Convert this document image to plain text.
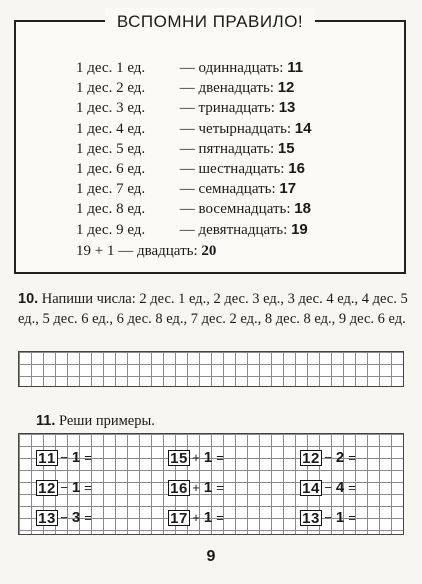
ВСПОМНИ ПРАВИЛО!
1 дес. 1 ед. — одиннадцать: 11
1 дес. 2 ед. — двенадцать: 12
1 дес. 3 ед. — тринадцать: 13
1 дес. 4 ед. — четырнадцать: 14
1 дес. 5 ед. — пятнадцать: 15
1 дес. 6 ед. — шестнадцать: 16
1 дес. 7 ед. — семнадцать: 17
1 дес. 8 ед. — восемнадцать: 18
1 дес. 9 ед. — девятнадцать: 19
19 + 1 — двадцать: 20
10. Напиши числа: 2 дес. 1 ед., 2 дес. 3 ед., 3 дес. 4 ед., 4 дес. 5 ед., 5 дес. 6 ед., 6 дес. 8 ед., 7 дес. 2 ед., 8 дес. 8 ед., 9 дес. 6 ед.
11. Реши примеры.
1 1 − 1 =	1 5 + 1 =	1 2 − 2 =
1 2 − 1 =	1 6 + 1 =	1 4 − 4 =
1 3 − 3 =	1 7 + 1 =	1 3 − 1 =
9
